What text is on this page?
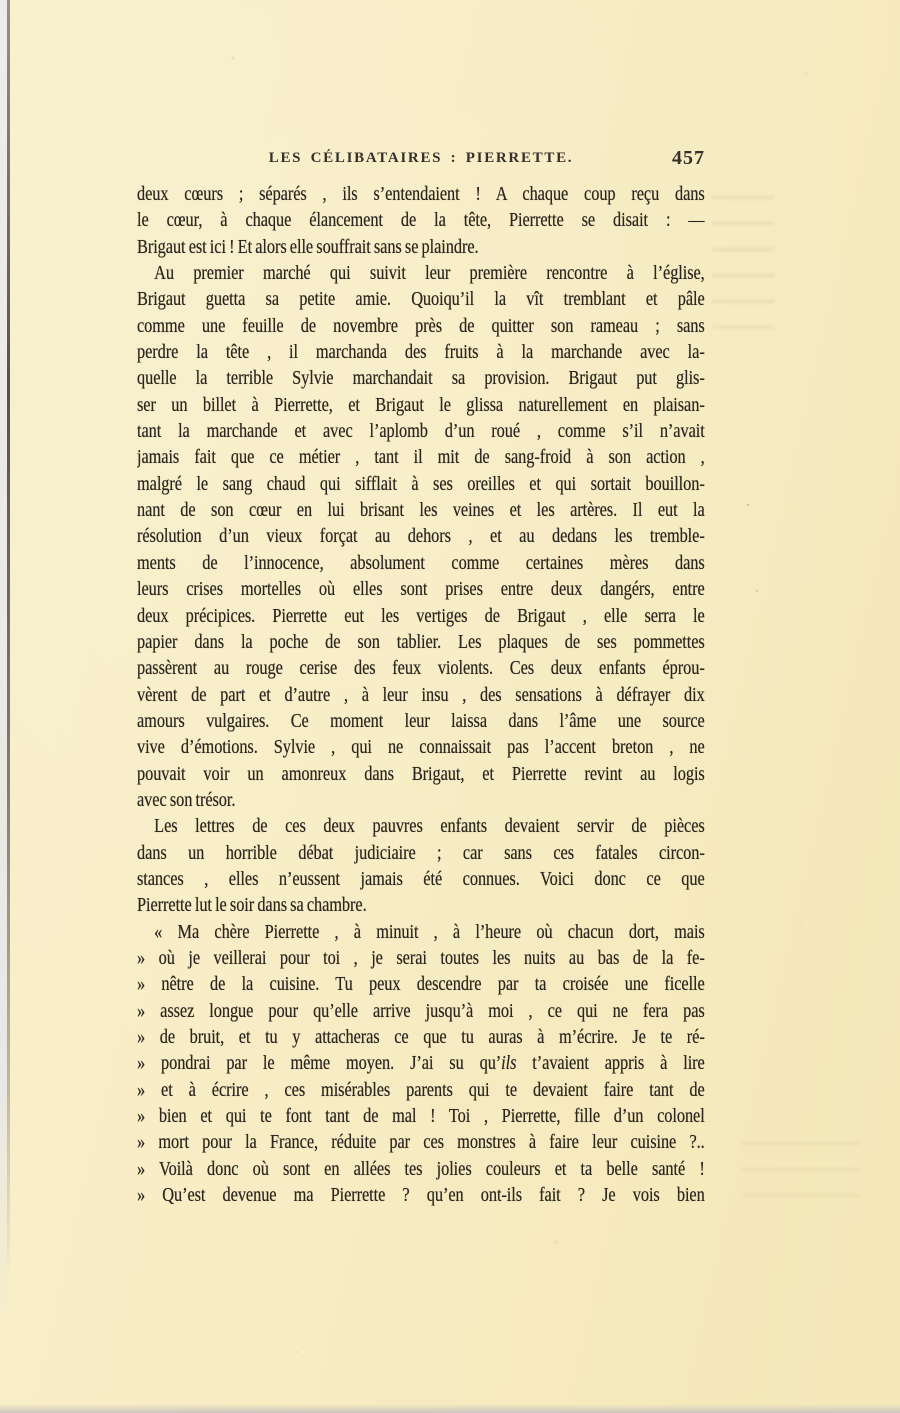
LES CÉLIBATAIRES : PIERRETTE.	457
deux cœurs ; séparés , ils s’entendaient ! A chaque coup reçu dans
le cœur, à chaque élancement de la tête, Pierrette se disait : —
Brigaut est ici ! Et alors elle souffrait sans se plaindre.
Au premier marché qui suivit leur première rencontre à l’église,
Brigaut guetta sa petite amie. Quoiqu’il la vît tremblant et pâle
comme une feuille de novembre près de quitter son rameau ; sans
perdre la tête , il marchanda des fruits à la marchande avec la-
quelle la terrible Sylvie marchandait sa provision. Brigaut put glis-
ser un billet à Pierrette, et Brigaut le glissa naturellement en plaisan-
tant la marchande et avec l’aplomb d’un roué , comme s’il n’avait
jamais fait que ce métier , tant il mit de sang-froid à son action ,
malgré le sang chaud qui sifflait à ses oreilles et qui sortait bouillon-
nant de son cœur en lui brisant les veines et les artères. Il eut la
résolution d’un vieux forçat au dehors , et au dedans les tremble-
ments de l’innocence, absolument comme certaines mères dans
leurs crises mortelles où elles sont prises entre deux dangérs, entre
deux précipices. Pierrette eut les vertiges de Brigaut , elle serra le
papier dans la poche de son tablier. Les plaques de ses pommettes
passèrent au rouge cerise des feux violents. Ces deux enfants éprou-
vèrent de part et d’autre , à leur insu , des sensations à défrayer dix
amours vulgaires. Ce moment leur laissa dans l’âme une source
vive d’émotions. Sylvie , qui ne connaissait pas l’accent breton , ne
pouvait voir un amonreux dans Brigaut, et Pierrette revint au logis
avec son trésor.
Les lettres de ces deux pauvres enfants devaient servir de pièces
dans un horrible débat judiciaire ; car sans ces fatales circon-
stances , elles n’eussent jamais été connues. Voici donc ce que
Pierrette lut le soir dans sa chambre.
« Ma chère Pierrette , à minuit , à l’heure où chacun dort, mais
» où je veillerai pour toi , je serai toutes les nuits au bas de la fe-
» nêtre de la cuisine. Tu peux descendre par ta croisée une ficelle
» assez longue pour qu’elle arrive jusqu’à moi , ce qui ne fera pas
» de bruit, et tu y attacheras ce que tu auras à m’écrire. Je te ré-
» pondrai par le même moyen. J’ai su qu’ils t’avaient appris à lire
» et à écrire , ces misérables parents qui te devaient faire tant de
» bien et qui te font tant de mal ! Toi , Pierrette, fille d’un colonel
» mort pour la France, réduite par ces monstres à faire leur cuisine ?..
» Voilà donc où sont en allées tes jolies couleurs et ta belle santé !
» Qu’est devenue ma Pierrette ? qu’en ont-ils fait ? Je vois bien
